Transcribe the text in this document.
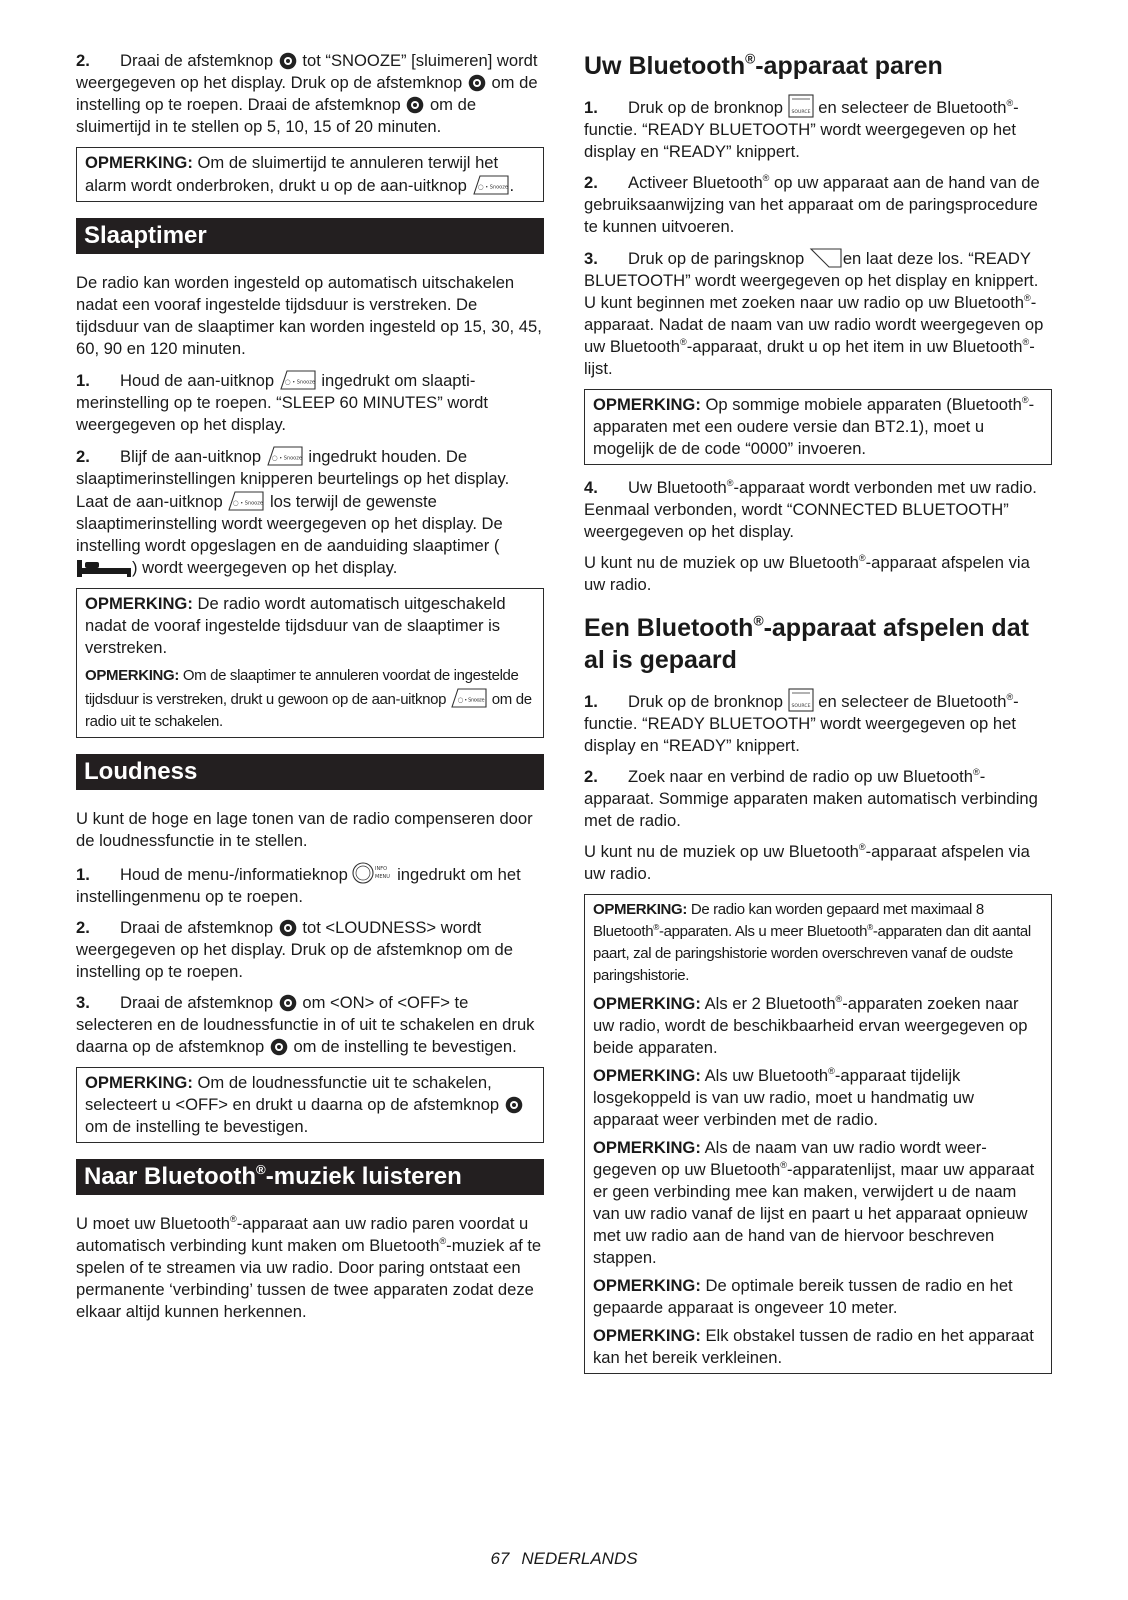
2. Draai de afstemknop tot “SNOOZE” [sluimeren] wordt weergegeven op het display. Druk op de afstemknop om de instelling op te roepen. Draai de afstemknop om de sluimertijd in te stellen op 5, 10, 15 of 20 minuten.

OPMERKING: Om de sluimertijd te annuleren terwijl het alarm wordt onderbroken, drukt u op de aan-uitknop ◯ • Snooze .

Slaaptimer

De radio kan worden ingesteld op automatisch uitschakelen nadat een vooraf ingestelde tijdsduur is verstreken. De tijdsduur van de slaaptimer kan worden ingesteld op 15, 30, 45, 60, 90 en 120 minuten.

1. Houd de aan-uitknop ◯ • Snooze ingedrukt om slaaptimerinstelling op te roepen. “SLEEP 60 MINUTES” wordt weergegeven op het display.
2. Blijf de aan-uitknop ◯ • Snooze ingedrukt houden. De slaaptimerinstellingen knipperen beurtelings op het display. Laat de aan-uitknop ◯ • Snooze los terwijl de gewenste slaaptimerinstelling wordt weergegeven op het display. De instelling wordt opgeslagen en de aanduiding slaaptimer (
) wordt weergegeven op het display.

OPMERKING: De radio wordt automatisch uitgeschakeld nadat de vooraf ingestelde tijdsduur van de slaaptimer is verstreken.

OPMERKING: Om de slaaptimer te annuleren voordat de ingestelde tijdsduur is verstreken, drukt u gewoon op de aan-uitknop ◯ • Snooze om de radio uit te schakelen.

Loudness

U kunt de hoge en lage tonen van de radio compenseren door de loudnessfunctie in te stellen.

1. Houd de menu-/informatieknop	INFO
MENU ingedrukt om het instellingenmenu op te roepen.
2. Draai de afstemknop tot <LOUDNESS> wordt weergegeven op het display. Druk op de afstemknop om de instelling op te roepen.
3. Draai de afstemknop om <ON> of <OFF> te selecteren en de loudnessfunctie in of uit te schakelen en druk daarna op de afstemknop om de instelling te bevestigen.

OPMERKING: Om de loudnessfunctie uit te schakelen, selecteert u <OFF> en drukt u daarna op de afstemknop
om de instelling te bevestigen.

Naar Bluetooth®-muziek luisteren

U moet uw Bluetooth®-apparaat aan uw radio paren voordat u automatisch verbinding kunt maken om Bluetooth®-muziek af te spelen of te streamen via uw radio. Door paring ontstaat een permanente ‘verbinding’ tussen de twee apparaten zodat deze elkaar altijd kunnen herkennen.

Uw Bluetooth®-apparaat paren
1. Druk op de bronknop SOURCE en selecteer de Bluetooth®-functie. “READY BLUETOOTH” wordt weergegeven op het display en “READY” knippert.
2. Activeer Bluetooth® op uw apparaat aan de hand van de gebruiksaanwijzing van het apparaat om de paringsprocedure te kunnen uitvoeren.
3. Druk op de paringsknop en laat deze los. “READY BLUETOOTH” wordt weergegeven op het display en knippert. U kunt beginnen met zoeken naar uw radio op uw Bluetooth®-apparaat. Nadat de naam van uw radio wordt weergegeven op uw Bluetooth®-apparaat, drukt u op het item in uw Bluetooth®-lijst.

OPMERKING: Op sommige mobiele apparaten (Bluetooth®-apparaten met een oudere versie dan BT2.1), moet u mogelijk de de code “0000” invoeren.

4. Uw Bluetooth®-apparaat wordt verbonden met uw radio. Eenmaal verbonden, wordt “CONNECTED BLUETOOTH” weergegeven op het display.

U kunt nu de muziek op uw Bluetooth®-apparaat afspelen via uw radio.

Een Bluetooth®-apparaat afspelen dat al is gepaard
1. Druk op de bronknop SOURCE en selecteer de Bluetooth®-functie. “READY BLUETOOTH” wordt weergegeven op het display en “READY” knippert.
2. Zoek naar en verbind de radio op uw Bluetooth®-apparaat. Sommige apparaten maken automatisch verbinding met de radio.

U kunt nu de muziek op uw Bluetooth®-apparaat afspelen via uw radio.

OPMERKING: De radio kan worden gepaard met maximaal 8 Bluetooth®-apparaten. Als u meer Bluetooth®-apparaten dan dit aantal paart, zal de paringshistorie worden overschreven vanaf de oudste paringshistorie.

OPMERKING: Als er 2 Bluetooth®-apparaten zoeken naar uw radio, wordt de beschikbaarheid ervan weergegeven op beide apparaten.

OPMERKING: Als uw Bluetooth®-apparaat tijdelijk losgekoppeld is van uw radio, moet u handmatig uw apparaat weer verbinden met de radio.

OPMERKING: Als de naam van uw radio wordt weergegeven op uw Bluetooth®-apparatenlijst, maar uw apparaat er geen verbinding mee kan maken, verwijdert u de naam van uw radio vanaf de lijst en paart u het apparaat opnieuw met uw radio aan de hand van de hiervoor beschreven stappen.

OPMERKING: De optimale bereik tussen de radio en het gepaarde apparaat is ongeveer 10 meter.

OPMERKING: Elk obstakel tussen de radio en het apparaat kan het bereik verkleinen.

67 NEDERLANDS
